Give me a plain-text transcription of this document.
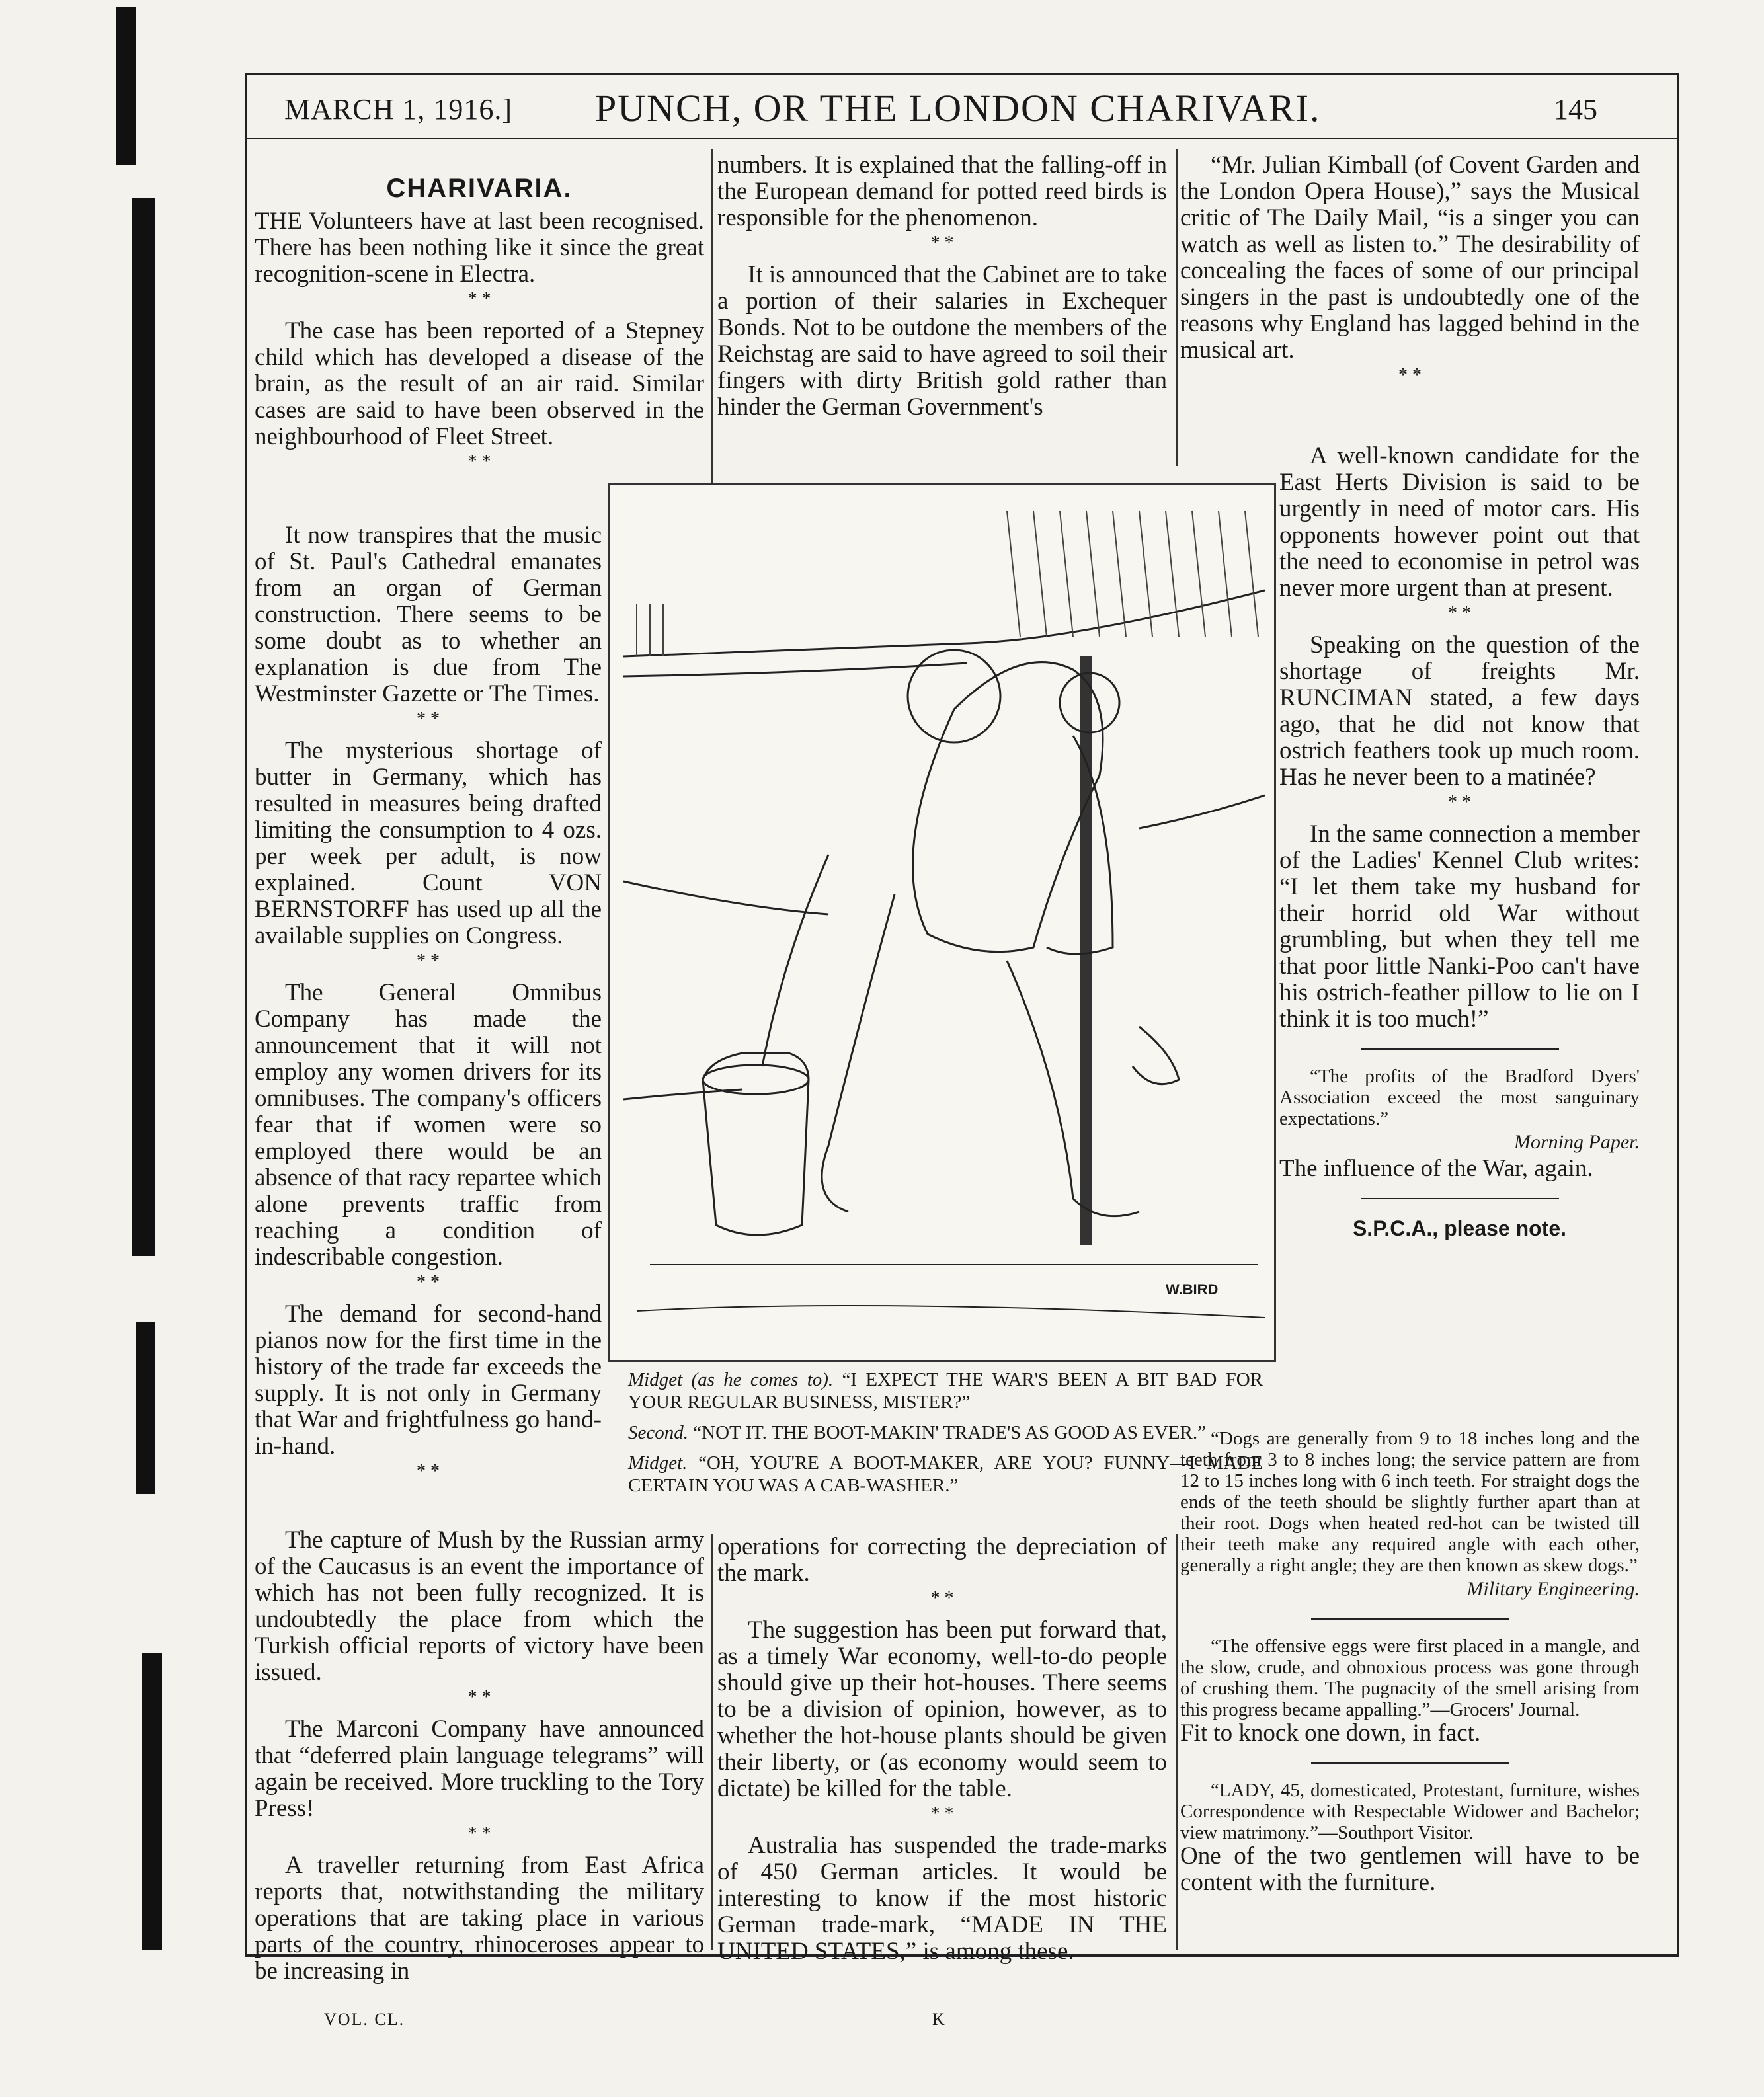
MARCH 1, 1916.] PUNCH, OR THE LONDON CHARIVARI.	145
CHARIVARIA.

THE Volunteers have at last been recognised. There has been nothing like it since the great recognition-scene in Electra.

* *

The case has been reported of a Stepney child which has developed a disease of the brain, as the result of an air raid. Similar cases are said to have been observed in the neighbourhood of Fleet Street.

* *

It now transpires that the music of St. Paul's Cathedral emanates from an organ of German construction. There seems to be some doubt as to whether an explanation is due from The Westminster Gazette or The Times.

* *

The mysterious shortage of butter in Germany, which has resulted in measures being drafted limiting the consumption to 4 ozs. per week per adult, is now explained. Count VON BERNSTORFF has used up all the available supplies on Congress.

* *

The General Omnibus Company has made the announcement that it will not employ any women drivers for its omnibuses. The company's officers fear that if women were so employed there would be an absence of that racy repartee which alone prevents traffic from reaching a condition of indescribable congestion.

* *

The demand for second-hand pianos now for the first time in the history of the trade far exceeds the supply. It is not only in Germany that War and frightfulness go hand-in-hand.

* *

The capture of Mush by the Russian army of the Caucasus is an event the importance of which has not been fully recognized. It is undoubtedly the place from which the Turkish official reports of victory have been issued.

* *

The Marconi Company have announced that “deferred plain language telegrams” will again be received. More truckling to the Tory Press!

* *

A traveller returning from East Africa reports that, notwithstanding the military operations that are taking place in various parts of the country, rhinoceroses appear to be increasing in

numbers. It is explained that the falling-off in the European demand for potted reed birds is responsible for the phenomenon.

* *

It is announced that the Cabinet are to take a portion of their salaries in Exchequer Bonds. Not to be outdone the members of the Reichstag are said to have agreed to soil their fingers with dirty British gold rather than hinder the German Government's

operations for correcting the depreciation of the mark.

* *

The suggestion has been put forward that, as a timely War economy, well-to-do people should give up their hot-houses. There seems to be a division of opinion, however, as to whether the hot-house plants should be given their liberty, or (as economy would seem to dictate) be killed for the table.

* *

Australia has suspended the trade-marks of 450 German articles. It would be interesting to know if the most historic German trade-mark, “MADE IN THE UNITED STATES,” is among these.

“Mr. Julian Kimball (of Covent Garden and the London Opera House),” says the Musical critic of The Daily Mail, “is a singer you can watch as well as listen to.” The desirability of concealing the faces of some of our principal singers in the past is undoubtedly one of the reasons why England has lagged behind in the musical art.

* *

A well-known candidate for the East Herts Division is said to be urgently in need of motor cars. His opponents however point out that the need to economise in petrol was never more urgent than at present.

* *

Speaking on the question of the shortage of freights Mr. RUNCIMAN stated, a few days ago, that he did not know that ostrich feathers took up much room. Has he never been to a matinée?

* *

In the same connection a member of the Ladies' Kennel Club writes: “I let them take my husband for their horrid old War without grumbling, but when they tell me that poor little Nanki-Poo can't have his ostrich-feather pillow to lie on I think it is too much!”

“The profits of the Bradford Dyers' Association exceed the most sanguinary expectations.”

Morning Paper.

The influence of the War, again.

S.P.C.A., please note.

“Dogs are generally from 9 to 18 inches long and the teeth from 3 to 8 inches long; the service pattern are from 12 to 15 inches long with 6 inch teeth. For straight dogs the ends of the teeth should be slightly further apart than at their root. Dogs when heated red-hot can be twisted till their teeth make any required angle with each other, generally a right angle; they are then known as skew dogs.”

Military Engineering.

“The offensive eggs were first placed in a mangle, and the slow, crude, and obnoxious process was gone through of crushing them. The pugnacity of the smell arising from this progress became appalling.”—Grocers' Journal.

Fit to knock one down, in fact.

“LADY, 45, domesticated, Protestant, furniture, wishes Correspondence with Respectable Widower and Bachelor; view matrimony.”—Southport Visitor.

One of the two gentlemen will have to be content with the furniture.

W.BIRD

Midget (as he comes to). “I EXPECT THE WAR'S BEEN A BIT BAD FOR YOUR REGULAR BUSINESS, MISTER?”

Second. “NOT IT. THE BOOT-MAKIN' TRADE'S AS GOOD AS EVER.”

Midget. “OH, YOU'RE A BOOT-MAKER, ARE YOU? FUNNY—I MADE CERTAIN YOU WAS A CAB-WASHER.”

VOL. CL.	K
